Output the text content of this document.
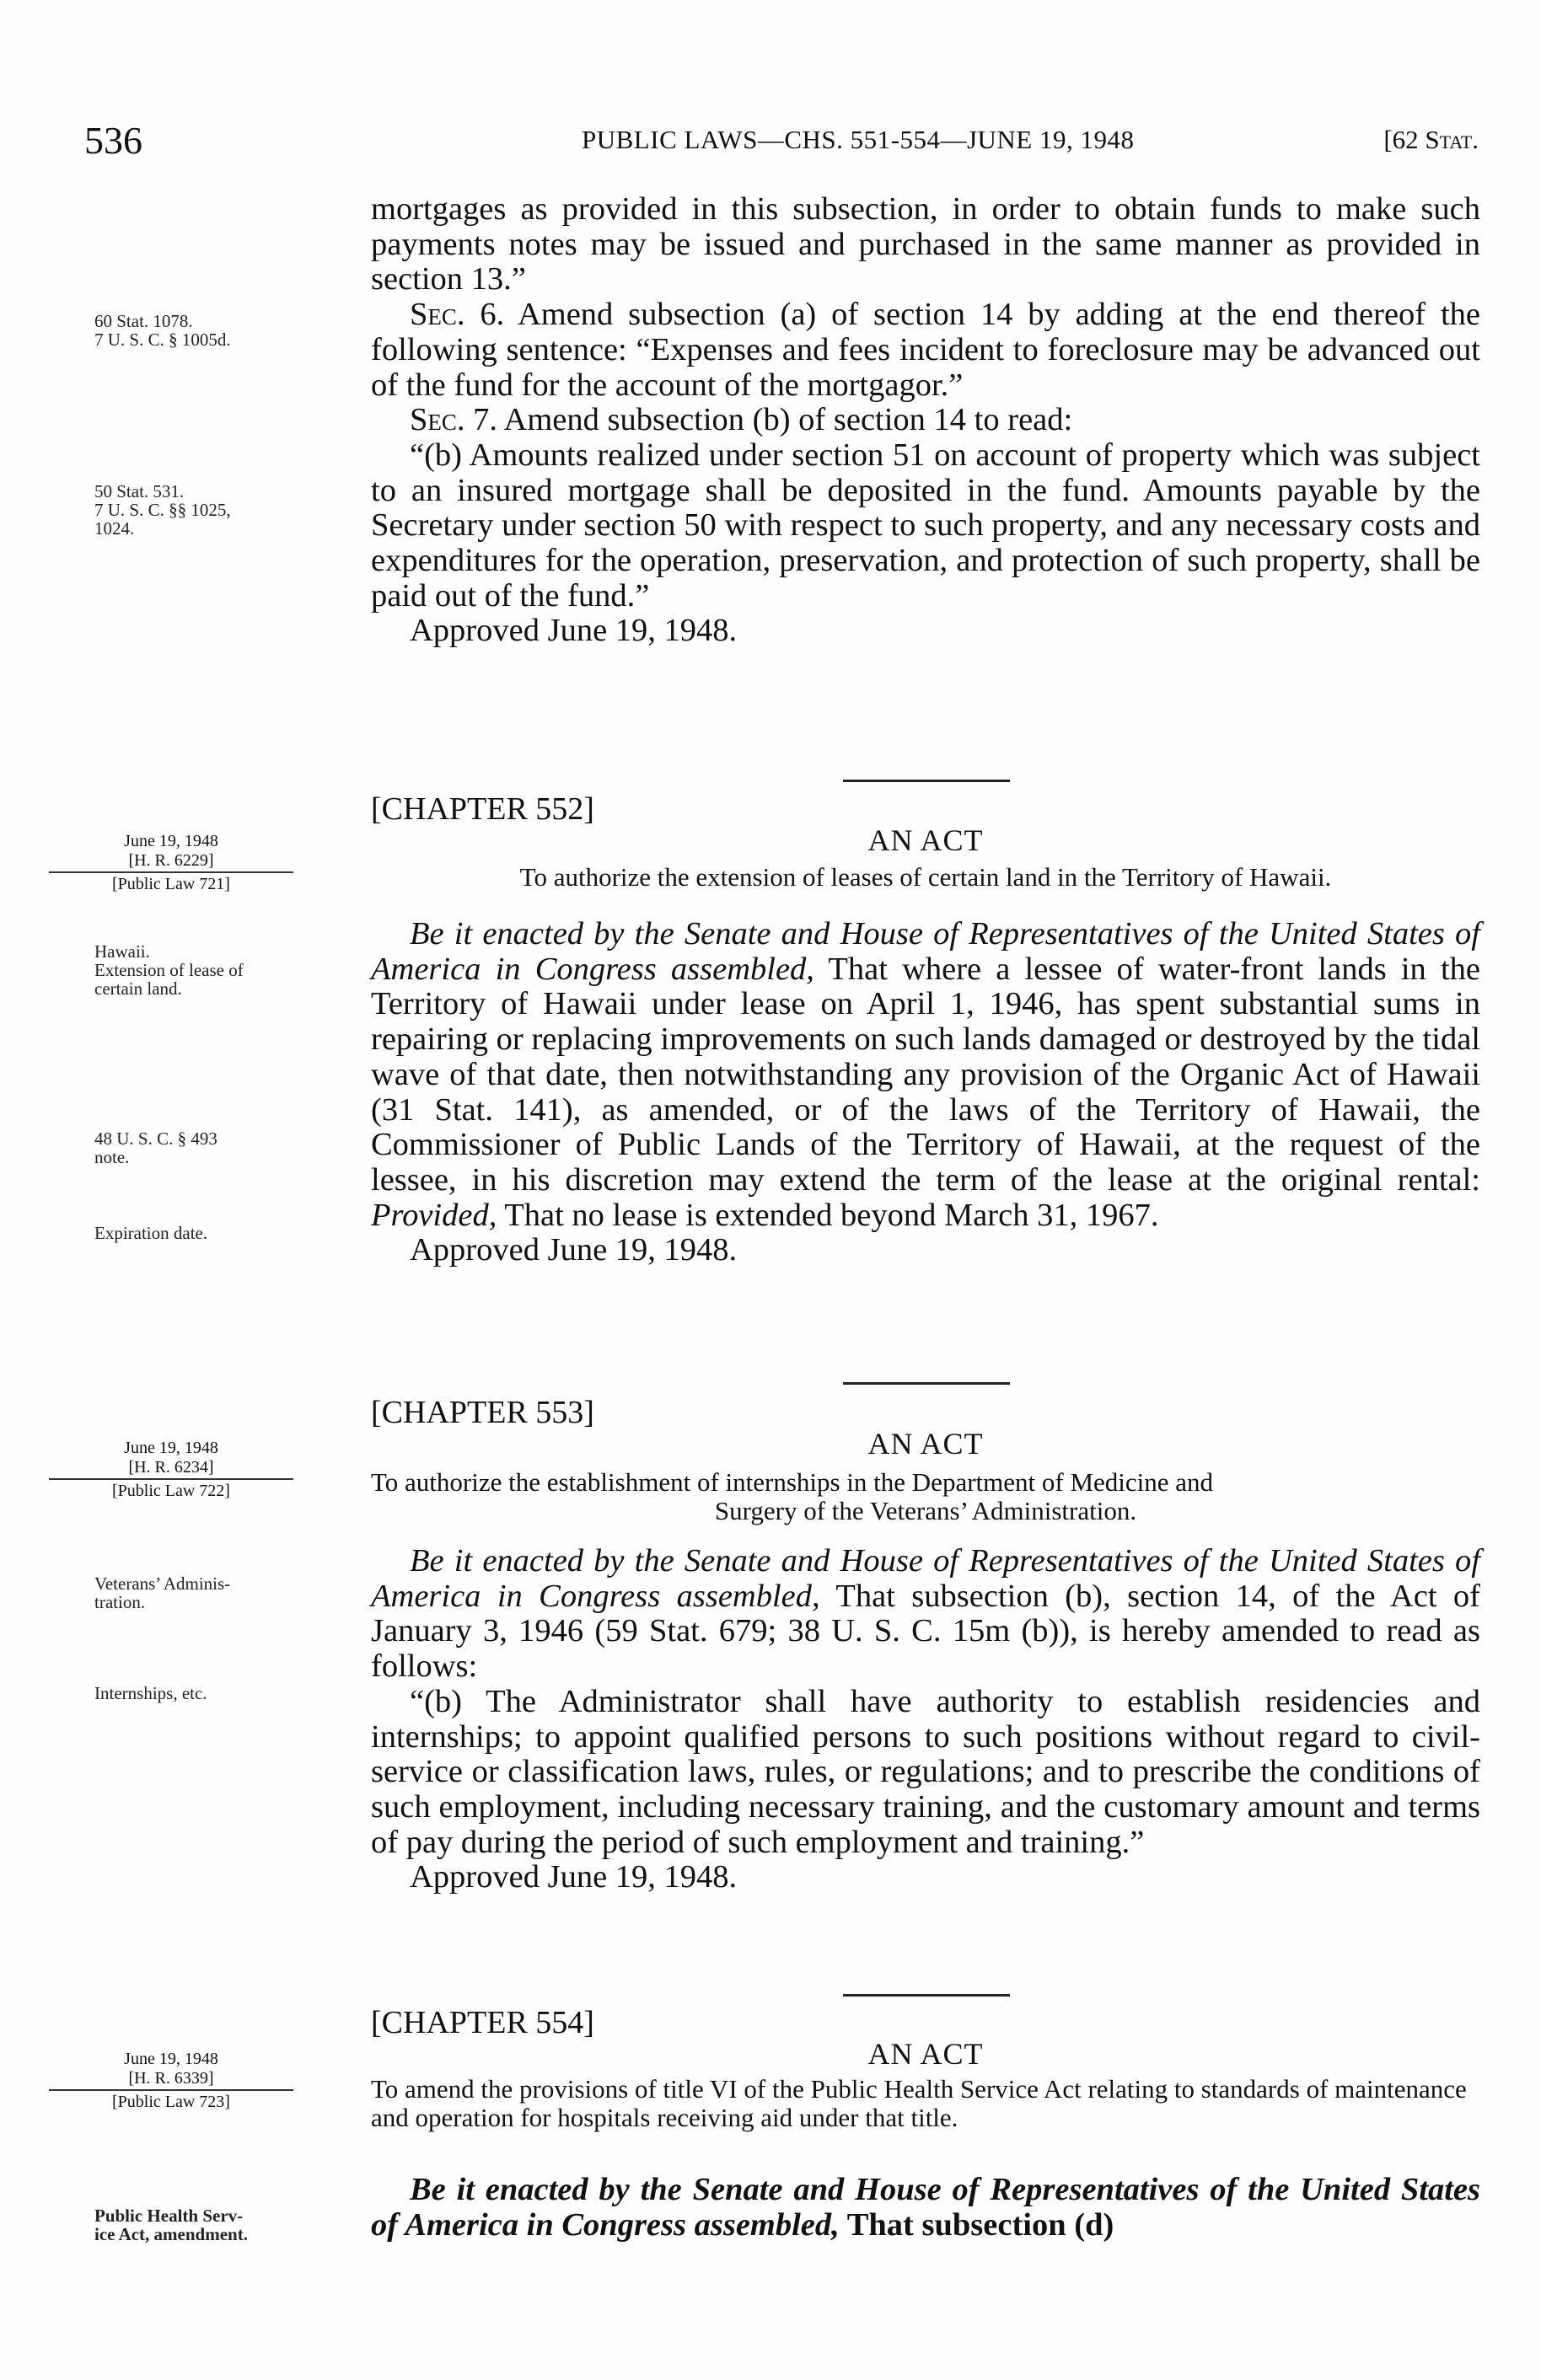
536	PUBLIC LAWS—CHS. 551-554—JUNE 19, 1948	[62 Stat.

mortgages as provided in this subsection, in order to obtain funds to make such payments notes may be issued and purchased in the same manner as provided in section 13.”

Sec. 6. Amend subsection (a) of section 14 by adding at the end thereof the following sentence: “Expenses and fees incident to foreclosure may be advanced out of the fund for the account of the mortgagor.”

Sec. 7. Amend subsection (b) of section 14 to read:

“(b) Amounts realized under section 51 on account of property which was subject to an insured mortgage shall be deposited in the fund. Amounts payable by the Secretary under section 50 with respect to such property, and any necessary costs and expenditures for the operation, preservation, and protection of such property, shall be paid out of the fund.”

Approved June 19, 1948.

60 Stat. 1078.
7 U. S. C. § 1005d.
50 Stat. 531.
7 U. S. C. §§ 1025,
1024.
[CHAPTER 552]
AN ACT
To authorize the extension of leases of certain land in the Territory of Hawaii.
June 19, 1948
[H. R. 6229]
[Public Law 721]

Be it enacted by the Senate and House of Representatives of the United States of America in Congress assembled, That where a lessee of water-front lands in the Territory of Hawaii under lease on April 1, 1946, has spent substantial sums in repairing or replacing improvements on such lands damaged or destroyed by the tidal wave of that date, then notwithstanding any provision of the Organic Act of Hawaii (31 Stat. 141), as amended, or of the laws of the Territory of Hawaii, the Commissioner of Public Lands of the Territory of Hawaii, at the request of the lessee, in his discretion may extend the term of the lease at the original rental: Provided, That no lease is extended beyond March 31, 1967.

Approved June 19, 1948.

Hawaii.
Extension of lease of
certain land.
48 U. S. C. § 493
note.
Expiration date.
[CHAPTER 553]
AN ACT
To authorize the establishment of internships in the Department of Medicine and
Surgery of the Veterans’ Administration.
June 19, 1948
[H. R. 6234]
[Public Law 722]

Be it enacted by the Senate and House of Representatives of the United States of America in Congress assembled, That subsection (b), section 14, of the Act of January 3, 1946 (59 Stat. 679; 38 U. S. C. 15m (b)), is hereby amended to read as follows:

“(b) The Administrator shall have authority to establish residencies and internships; to appoint qualified persons to such positions without regard to civil-service or classification laws, rules, or regulations; and to prescribe the conditions of such employment, including necessary training, and the customary amount and terms of pay during the period of such employment and training.”

Approved June 19, 1948.

Veterans’ Adminis-
tration.
Internships, etc.
[CHAPTER 554]
AN ACT
To amend the provisions of title VI of the Public Health Service Act relating to standards of maintenance and operation for hospitals receiving aid under that title.
June 19, 1948
[H. R. 6339]
[Public Law 723]

Be it enacted by the Senate and House of Representatives of the United States of America in Congress assembled, That subsection (d)

Public Health Serv-
ice Act, amendment.
